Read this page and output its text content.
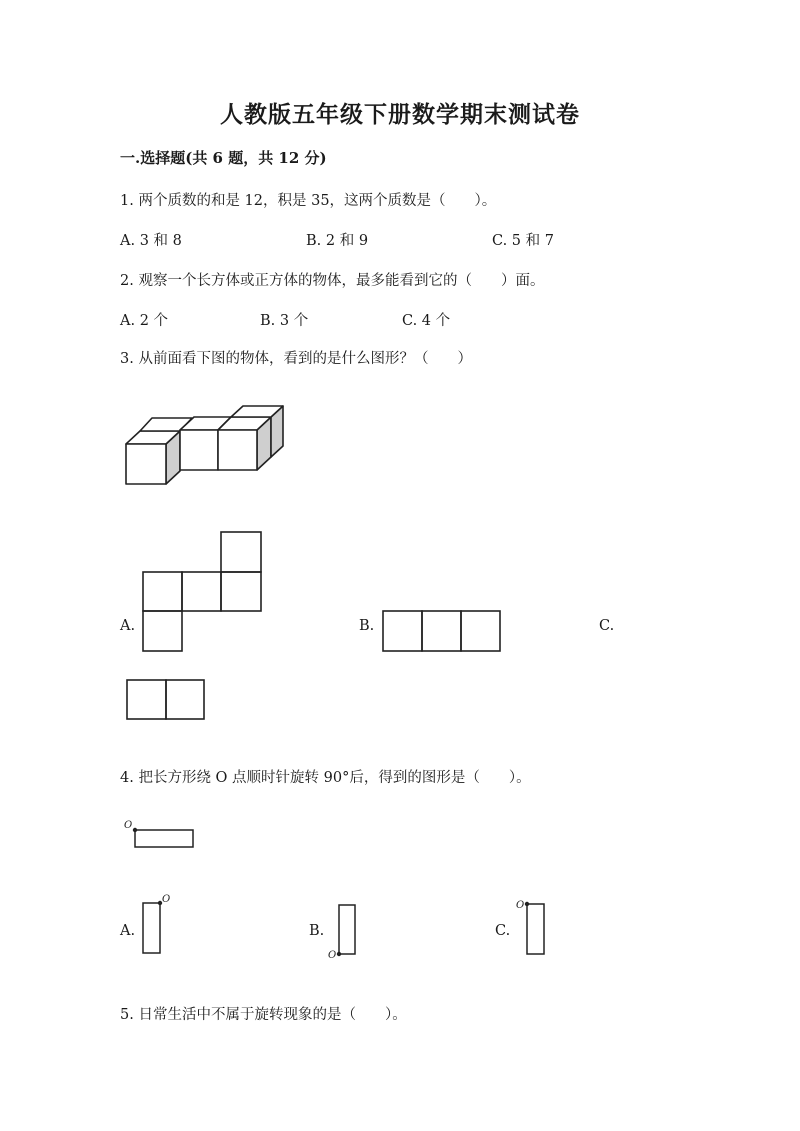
人教版五年级下册数学期末测试卷
一.选择题(共 6 题，共 12 分)
1. 两个质数的和是 12，积是 35，这两个质数是（　　）。
A. 3 和 8	B. 2 和 9	C. 5 和 7
2. 观察一个长方体或正方体的物体，最多能看到它的（　　）面。
A. 2 个	B. 3 个	C. 4 个
3. 从前面看下图的物体，看到的是什么图形？（　　）
A.	B.	C.
4. 把长方形绕 O 点顺时针旋转 90°后，得到的图形是（　　）。
A.	B.	C.
5. 日常生活中不属于旋转现象的是（　　）。
O
O
O
O
